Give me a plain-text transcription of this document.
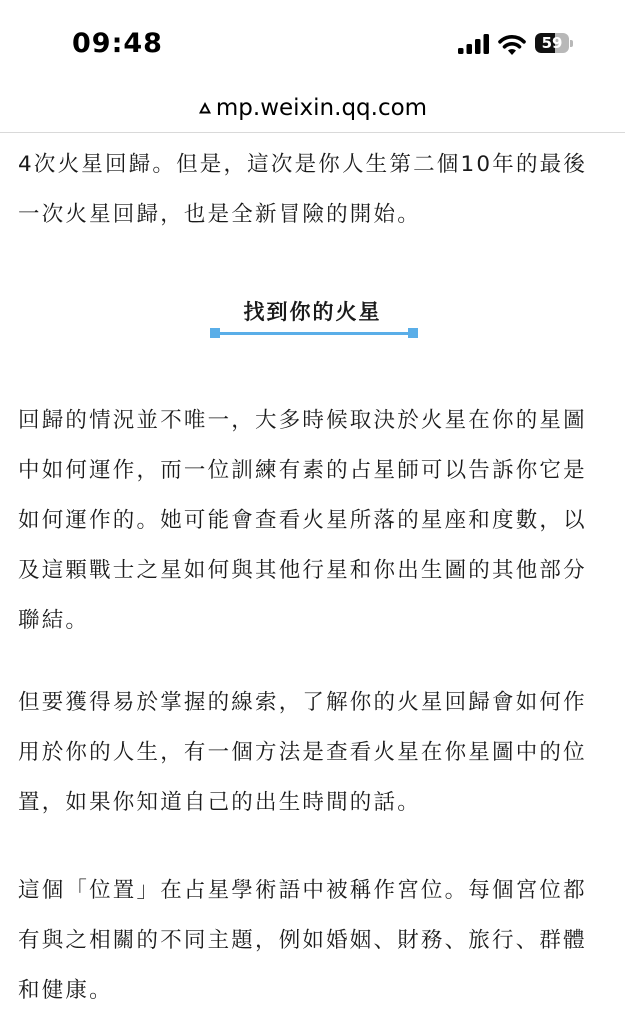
09:48	59
mp.weixin.qq.com

4次火星回歸。但是，這次是你人生第二個10年的最後

一次火星回歸，也是全新冒險的開始。

找到你的火星

回歸的情況並不唯一，大多時候取決於火星在你的星圖

中如何運作，而一位訓練有素的占星師可以告訴你它是

如何運作的。她可能會查看火星所落的星座和度數，以

及這顆戰士之星如何與其他行星和你出生圖的其他部分

聯結。

但要獲得易於掌握的線索，了解你的火星回歸會如何作

用於你的人生，有一個方法是查看火星在你星圖中的位

置，如果你知道自己的出生時間的話。

這個「位置」在占星學術語中被稱作宮位。每個宮位都

有與之相關的不同主題，例如婚姻、財務、旅行、群體

和健康。
